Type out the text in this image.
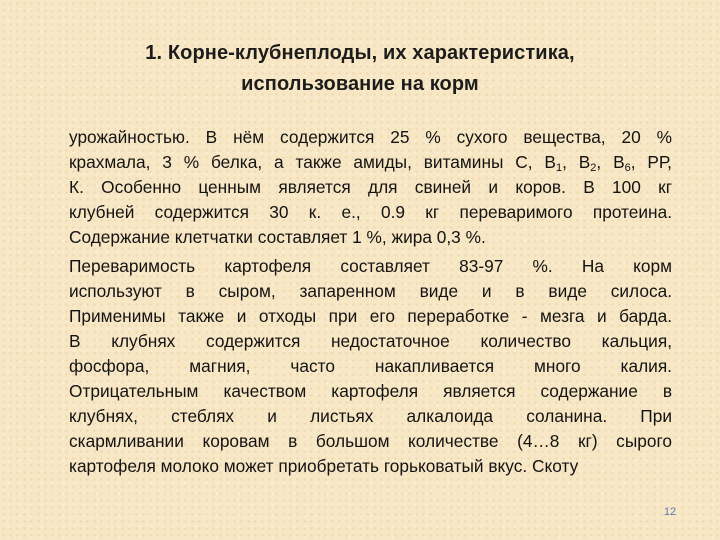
1. Корне-клубнеплоды, их характеристика,
использование на корм
урожайностью. В нём содержится 25 % сухого вещества, 20 %
крахмала, 3 % белка, а также амиды, витамины С, В1, В2, В6, РР,
К. Особенно ценным является для свиней и коров. В 100 кг
клубней содержится 30 к. е., 0.9 кг переваримого протеина.
Содержание клетчатки составляет 1 %, жира 0,3 %.
Переваримость картофеля составляет 83-97 %. На корм
используют в сыром, запаренном виде и в виде силоса.
Применимы также и отходы при его переработке - мезга и барда.
В клубнях содержится недостаточное количество кальция,
фосфора, магния, часто накапливается много калия.
Отрицательным качеством картофеля является содержание в
клубнях, стеблях и листьях алкалоида соланина. При
скармливании коровам в большом количестве (4…8 кг) сырого
картофеля молоко может приобретать горьковатый вкус. Скоту
12
